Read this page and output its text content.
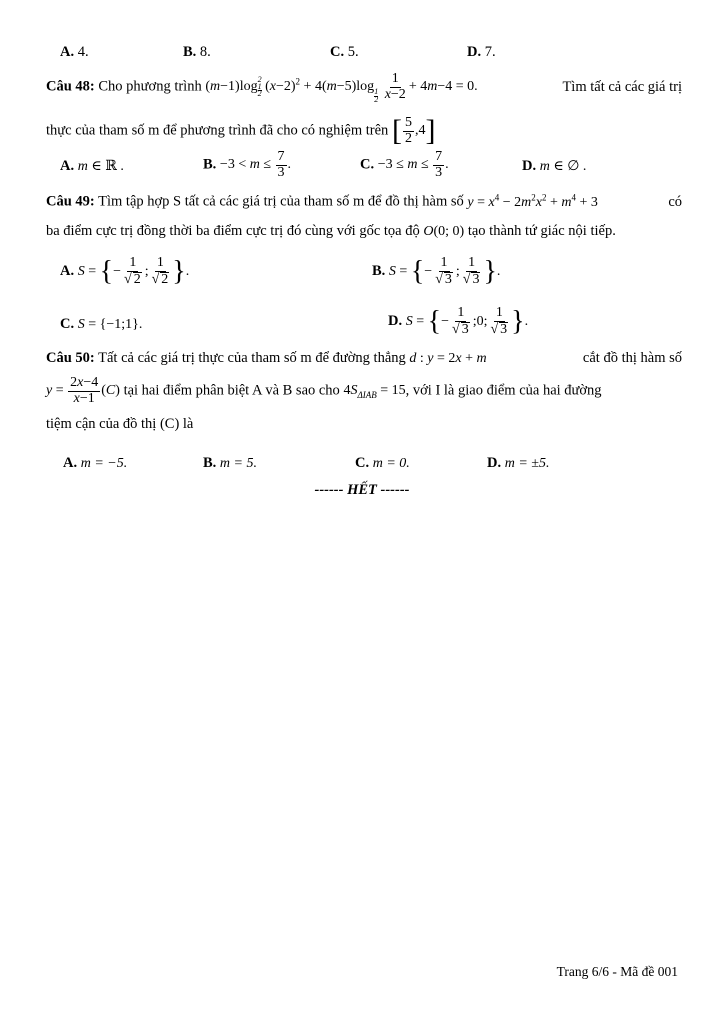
A. 4.	B. 8.	C. 5.	D. 7.
Câu 48: Cho phương trình (m−1)log 2
1
2 $(x-2)^2 + 4(m-5)\log$
$\frac{1}{2}$
$\frac{1}{x-2} + 4m-4 = 0$.	Tìm tất cả các giá trị
thực của tham số m để phương trình đã cho có nghiệm trên [ $\frac{5}{2} ,4$]
A. m ∈ ℝ .	B. $-3 < m \le \frac{7}{3}$ .	C. $-3 \le m \le \frac{7}{3}$ .	D. m ∈ ∅ .
Câu 49: Tìm tập hợp S tất cả các giá trị của tham số m để đồ thị hàm số $y = x^4 - 2m^2x^2 + m^4 + 3$	có
ba điểm cực trị đồng thời ba điểm cực trị đó cùng với gốc tọa độ O(0; 0) tạo thành tứ giác nội tiếp.
A. S = {− $\frac{1}{√ 2}$ ; $\frac{1}{√ 2}$ }.	B. S = {− $\frac{1}{√ 3}$ ; $\frac{1}{√ 3}$ }.
C. S = {−1;1}.	D. S = {− $\frac{1}{√ 3}$ ;0; $\frac{1}{√ 3}$ }.
Câu 50: Tất cả các giá trị thực của tham số m để đường thẳng d : y = 2x + m	cắt đồ thị hàm số
$y = \frac{2x-4}{x-1} (C)$ tại hai điểm phân biệt A và B sao cho $4S_{\Delta IAB} = 15$, với I là giao điểm của hai đường
tiệm cận của đồ thị (C) là
A. m = −5.	B. m = 5.	C. m = 0.	D. m = ±5.
------ HẾT ------
Trang 6/6 - Mã đề 001
